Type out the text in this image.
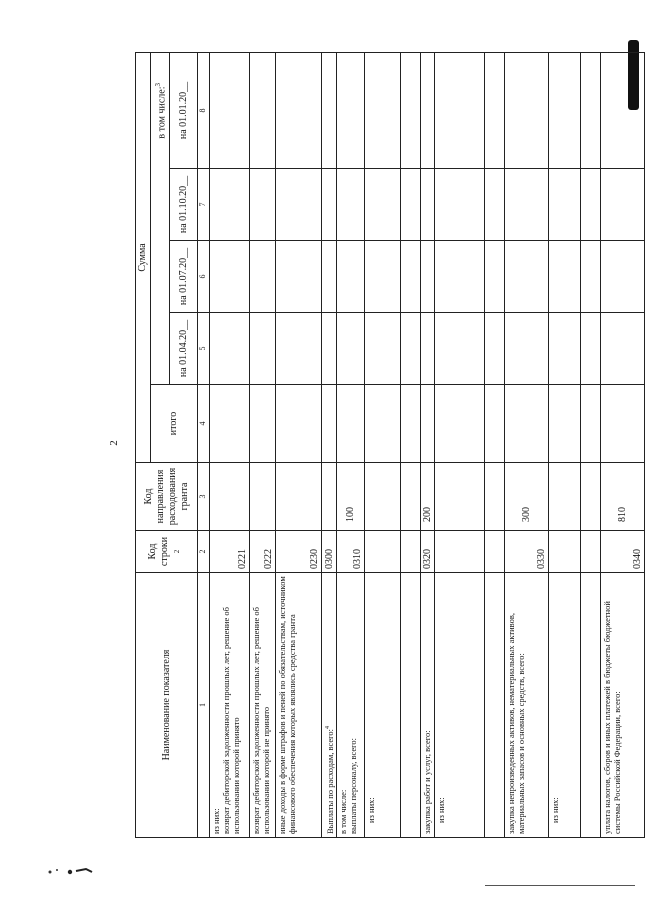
2
Наименование показателя	Код строки $^2$	Код направления расходования гранта	Сумма				
			итого	в том числе:$^3$
				на 01.04.20__	на 01.07.20__	на 01.10.20__	на 01.01.20__
1	2	3	4	5	6	7	8
из них:
возврат дебиторской задолженности прошлых лет, решение об использовании которой принято	0221						
возврат дебиторской задолженности прошлых лет, решение об использовании которой не принято	0222						
иные доходы в форме штрафов и пеней по обязательствам, источником финансового обеспечения которых являлись средства гранта	0230						
Выплаты по расходам, всего:$^4$	0300						
в том числе:
выплаты персоналу, всего:	0310	100					
из них:							

закупка работ и услуг, всего:	0320	200					
из них:							

закупка непроизведенных активов, нематериальных активов, материальных запасов и основных средств, всего:	0330	300					
из них:							

уплата налогов, сборов и иных платежей в бюджеты бюджетной системы Российской Федерации, всего:	0340	810					
